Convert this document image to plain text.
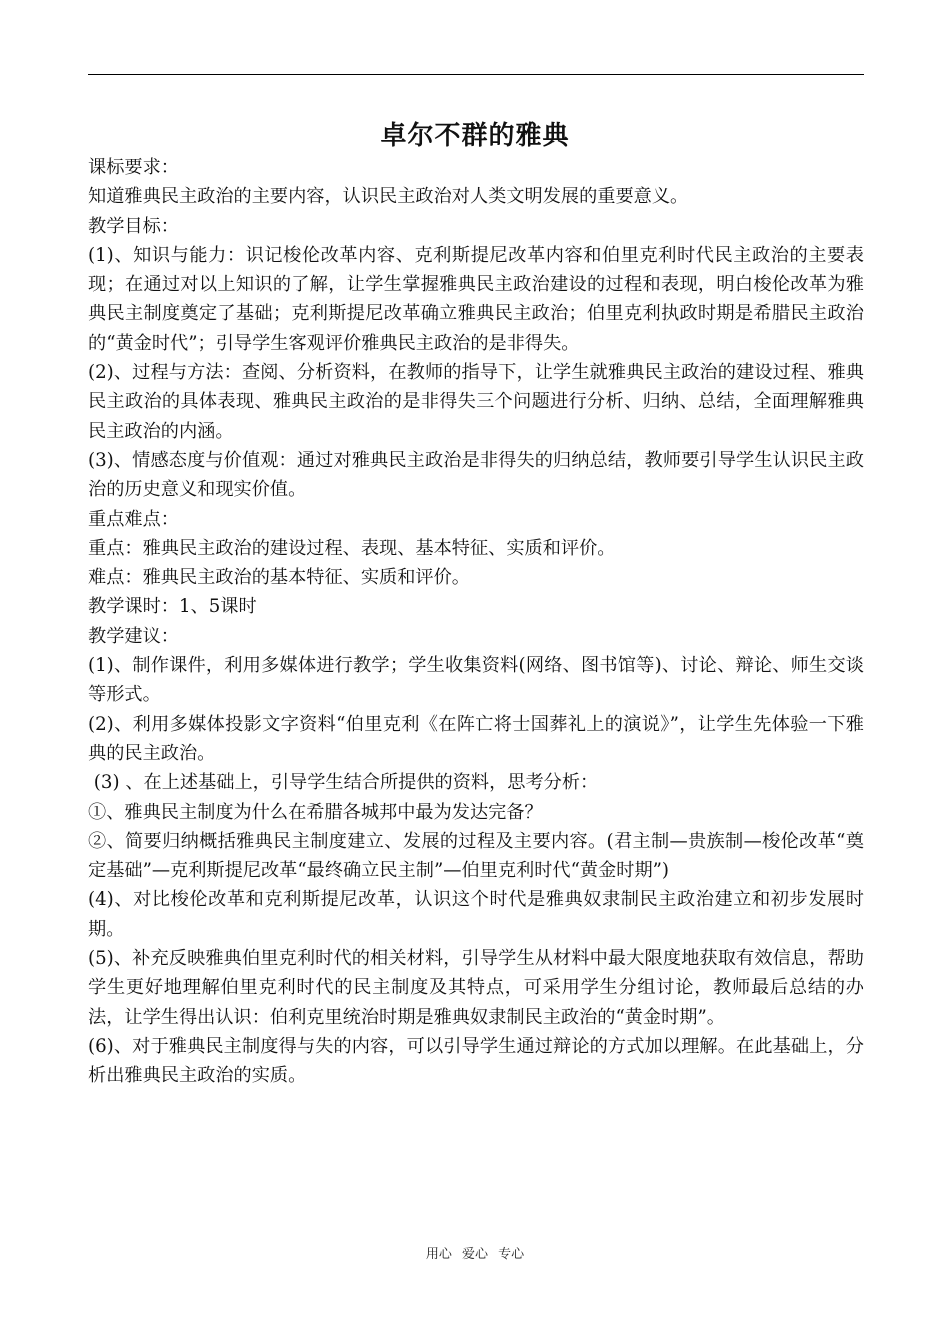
卓尔不群的雅典

课标要求：

知道雅典民主政治的主要内容，认识民主政治对人类文明发展的重要意义。

教学目标：

(1)、知识与能力：识记梭伦改革内容、克利斯提尼改革内容和伯里克利时代民主政治的主要表现；在通过对以上知识的了解，让学生掌握雅典民主政治建设的过程和表现，明白梭伦改革为雅典民主制度奠定了基础；克利斯提尼改革确立雅典民主政治；伯里克利执政时期是希腊民主政治的“黄金时代”；引导学生客观评价雅典民主政治的是非得失。

(2)、过程与方法：查阅、分析资料，在教师的指导下，让学生就雅典民主政治的建设过程、雅典民主政治的具体表现、雅典民主政治的是非得失三个问题进行分析、归纳、总结，全面理解雅典民主政治的内涵。

(3)、情感态度与价值观：通过对雅典民主政治是非得失的归纳总结，教师要引导学生认识民主政治的历史意义和现实价值。

重点难点：

重点：雅典民主政治的建设过程、表现、基本特征、实质和评价。

难点：雅典民主政治的基本特征、实质和评价。

教学课时：1、5课时

教学建议：

(1)、制作课件，利用多媒体进行教学；学生收集资料(网络、图书馆等)、讨论、辩论、师生交谈等形式。

(2)、利用多媒体投影文字资料“伯里克利《在阵亡将士国葬礼上的演说》”，让学生先体验一下雅典的民主政治。

(3) 、在上述基础上，引导学生结合所提供的资料，思考分析：

①、雅典民主制度为什么在希腊各城邦中最为发达完备？

②、简要归纳概括雅典民主制度建立、发展的过程及主要内容。(君主制—贵族制—梭伦改革“奠定基础”—克利斯提尼改革“最终确立民主制”—伯里克利时代“黄金时期”)

(4)、对比梭伦改革和克利斯提尼改革，认识这个时代是雅典奴隶制民主政治建立和初步发展时期。

(5)、补充反映雅典伯里克利时代的相关材料，引导学生从材料中最大限度地获取有效信息，帮助学生更好地理解伯里克利时代的民主制度及其特点，可采用学生分组讨论，教师最后总结的办法，让学生得出认识：伯利克里统治时期是雅典奴隶制民主政治的“黄金时期”。

(6)、对于雅典民主制度得与失的内容，可以引导学生通过辩论的方式加以理解。在此基础上，分析出雅典民主政治的实质。

用心 爱心 专心
